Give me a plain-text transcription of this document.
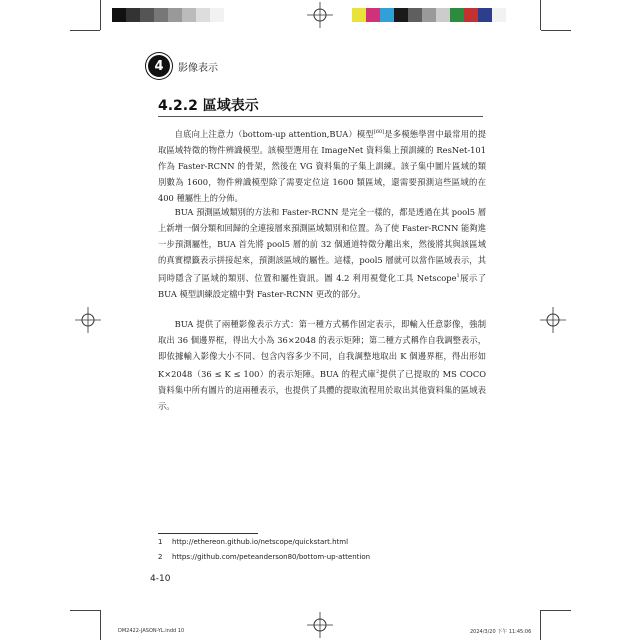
4	影像表示
4.2.2 區域表示

自底向上注意力（bottom-up attention,BUA）模型[60]是多模態學習中最常用的提取區域特徵的物件辨識模型。該模型選用在 ImageNet 資料集上預訓練的 ResNet-101 作為 Faster-RCNN 的骨架，然後在 VG 資料集的子集上訓練。該子集中圖片區域的類別數為 1600，物件辨識模型除了需要定位這 1600 類區域，還需要預測這些區域的在 400 種屬性上的分佈。

BUA 預測區域類別的方法和 Faster-RCNN 是完全一樣的，都是透過在其 pool5 層上新增一個分類和回歸的全連接層來預測區域類別和位置。為了使 Faster-RCNN 能夠進一步預測屬性，BUA 首先將 pool5 層的前 32 個通道特徵分離出來，然後將其與該區域的真實標籤表示拼接起來，預測該區域的屬性。這樣，pool5 層就可以當作區域表示，其同時隱含了區域的類別、位置和屬性資訊。圖 4.2 利用視覺化工具 Netscope$^1$展示了 BUA 模型訓練設定檔中對 Faster-RCNN 更改的部分。

BUA 提供了兩種影像表示方式：第一種方式稱作固定表示，即輸入任意影像，強制取出 36 個邊界框，得出大小為 36×2048 的表示矩陣；第二種方式稱作自我調整表示，即依據輸入影像大小不同、包含內容多少不同，自我調整地取出 K 個邊界框，得出形如 K×2048（36 ≤ K ≤ 100）的表示矩陣。BUA 的程式庫$^2$提供了已提取的 MS COCO 資料集中所有圖片的這兩種表示，也提供了具體的提取流程用於取出其他資料集的區域表示。

1 http://ethereon.github.io/netscope/quickstart.html
2 https://github.com/peteanderson80/bottom-up-attention
4-10
DM2422-JASON-YL.indd 10	2024/3/20 下午 11:45:06
